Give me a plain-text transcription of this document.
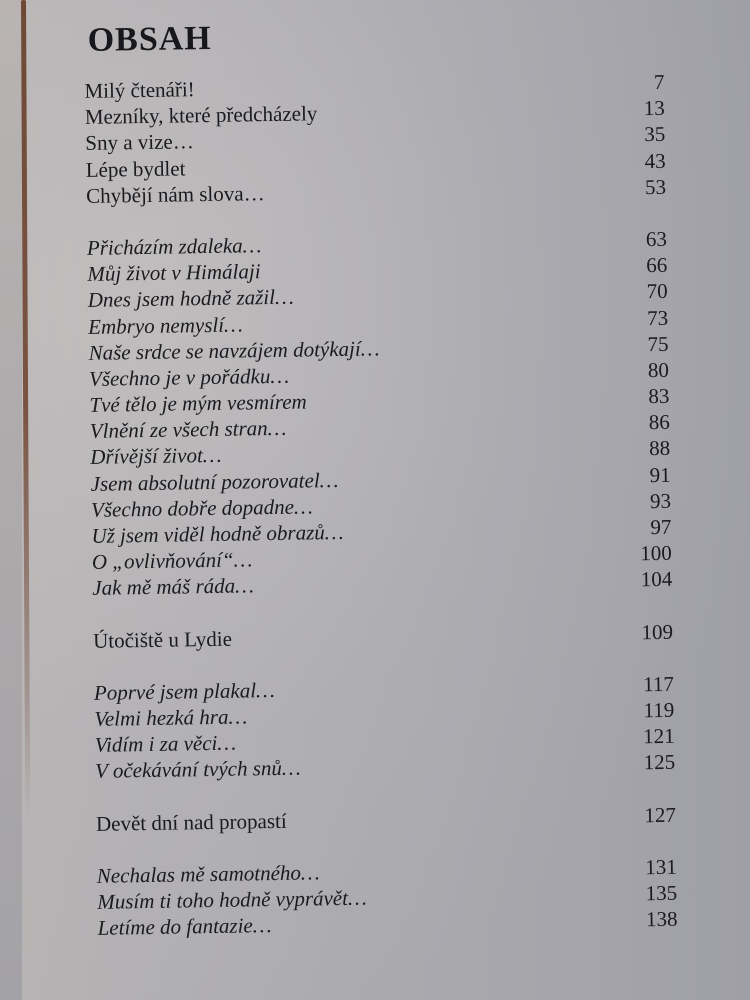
OBSAH
Milý čtenáři!	7
Mezníky, které předcházely	13
Sny a vize…	35
Lépe bydlet	43
Chybějí nám slova…	53
Přicházím zdaleka…	63
Můj život v Himálaji	66
Dnes jsem hodně zažil…	70
Embryo nemyslí…	73
Naše srdce se navzájem dotýkají…	75
Všechno je v pořádku…	80
Tvé tělo je mým vesmírem	83
Vlnění ze všech stran…	86
Dřívější život…	88
Jsem absolutní pozorovatel…	91
Všechno dobře dopadne…	93
Už jsem viděl hodně obrazů…	97
O „ovlivňování“…	100
Jak mě máš ráda…	104
Útočiště u Lydie	109
Poprvé jsem plakal…	117
Velmi hezká hra…	119
Vidím i za věci…	121
V očekávání tvých snů…	125
Devět dní nad propastí	127
Nechalas mě samotného…	131
Musím ti toho hodně vyprávět…	135
Letíme do fantazie…	138
